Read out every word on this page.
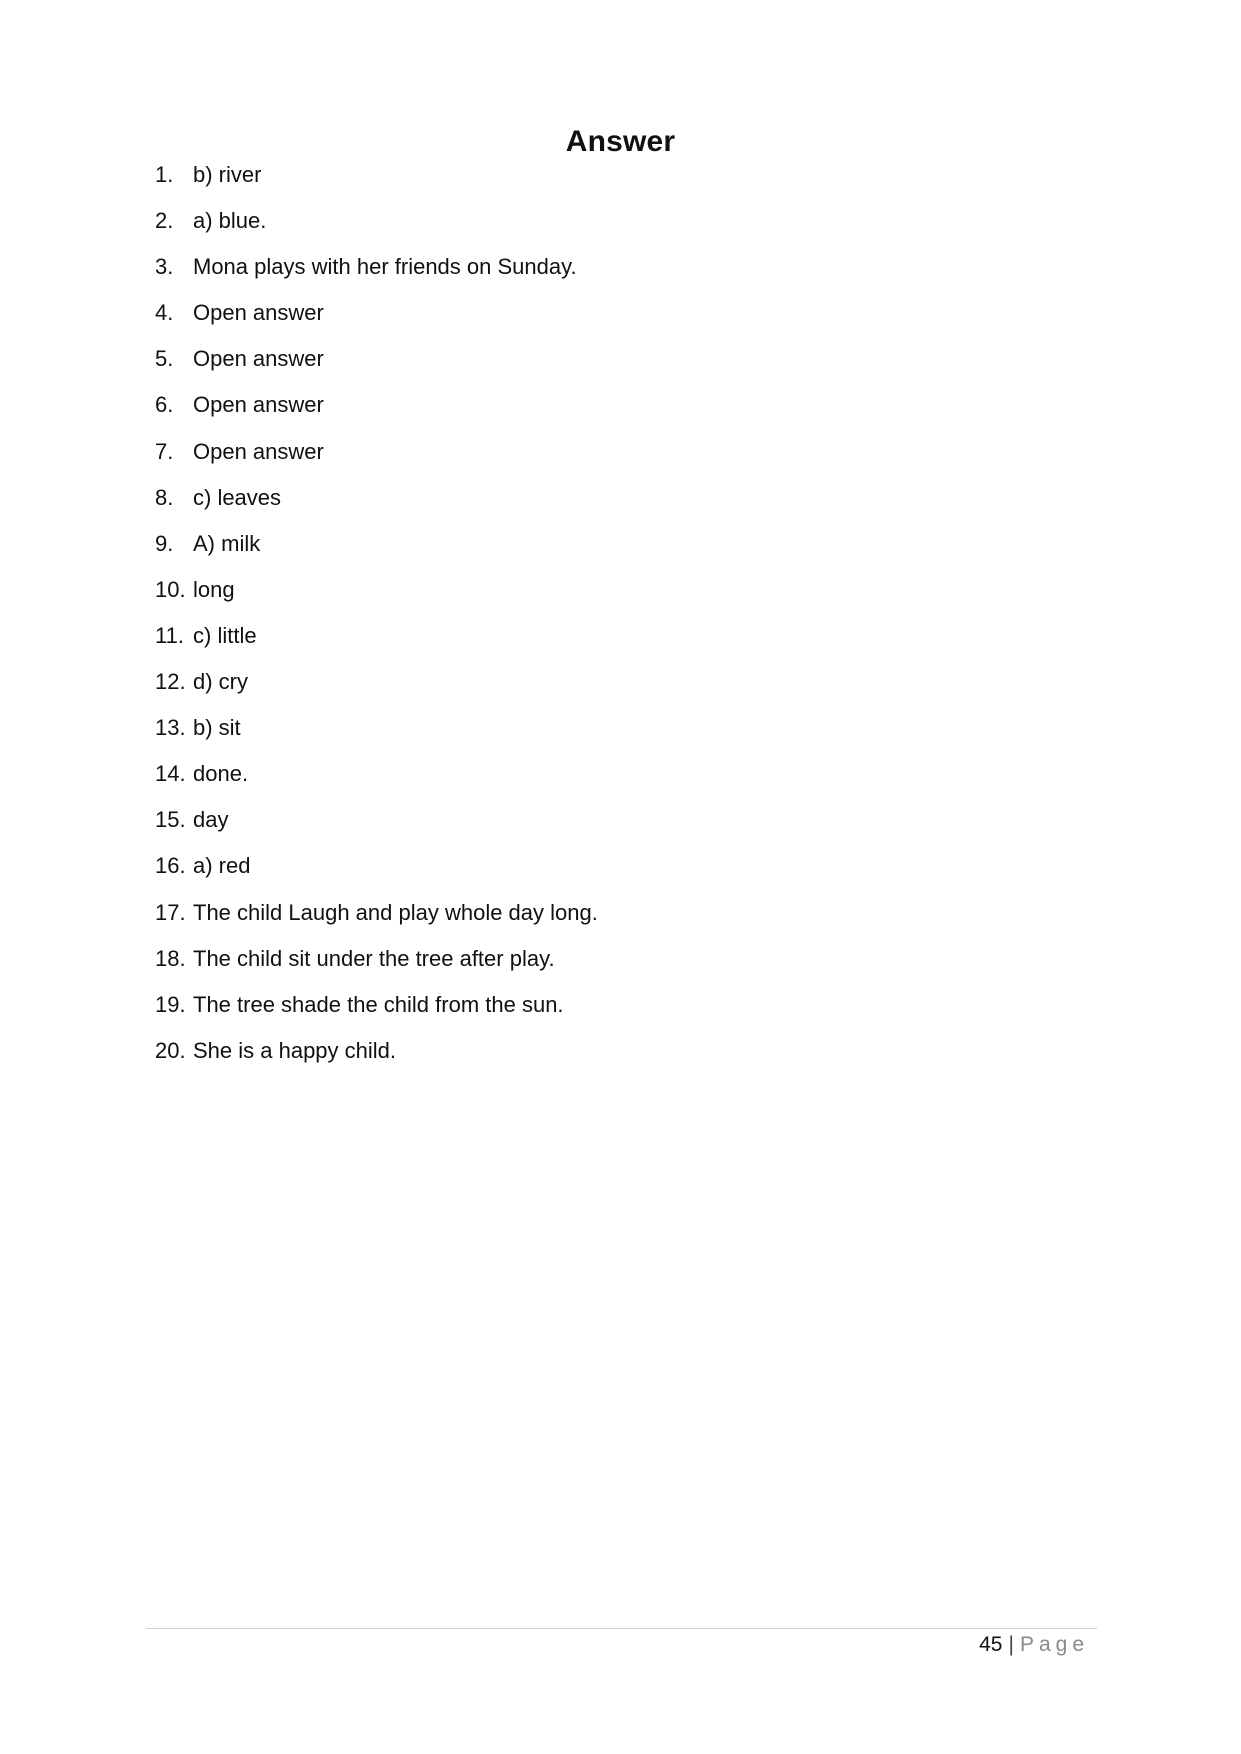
Answer
1. b) river
2. a) blue.
3. Mona plays with her friends on Sunday.
4. Open answer
5. Open answer
6. Open answer
7. Open answer
8. c) leaves
9. A) milk
10. long
11. c) little
12. d) cry
13. b) sit
14. done.
15. day
16. a) red
17. The child Laugh and play whole day long.
18. The child sit under the tree after play.
19. The tree shade the child from the sun.
20. She is a happy child.
45 | Page
